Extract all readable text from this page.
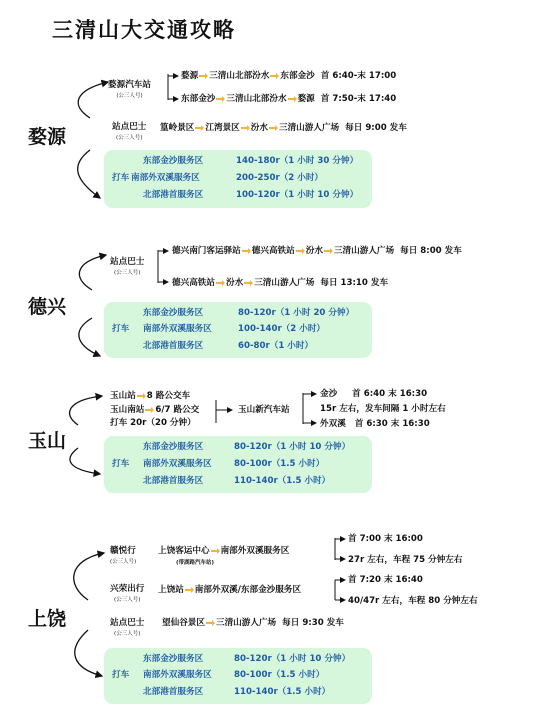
三清山大交通攻略
婺源
婺源汽车站
(公三人号)
婺源 三清山北部汾水 东部金沙 首 6:40-末 17:00
东部金沙 三清山北部汾水 婺源 首 7:50-末 17:40
站点巴士
(公三人号)
篁岭景区 江湾景区 汾水 三清山游人广场 每日 9:00 发车
打车
东部金沙服务区	140-180r（1 小时 30 分钟）
南部外双溪服务区	200-250r（2 小时）
北部港首服务区	100-120r（1 小时 10 分钟）
德兴
站点巴士
(公三人号)
德兴南门客运驿站 德兴高铁站 汾水 三清山游人广场 每日 8:00 发车
德兴高铁站 汾水 三清山游人广场 每日 13:10 发车
打车
东部金沙服务区	80-120r（1 小时 20 分钟）
南部外双溪服务区	100-140r（2 小时）
北部港首服务区	60-80r（1 小时）
玉山
玉山站 8 路公交车
玉山南站 6/7 路公交
打车 20r（20 分钟）
玉山新汽车站
金沙 首 6:40 末 16:30
15r 左右，发车间隔 1 小时左右
外双溪 首 6:30 末 16:30
打车
东部金沙服务区	80-120r（1 小时 10 分钟）
南部外双溪服务区	80-100r（1.5 小时）
北部港首服务区	110-140r（1.5 小时）
上饶
赣悦行
(公三人号)
上饶客运中心 南部外双溪服务区
(带湖路汽车站)
首 7:00 末 16:00
27r 左右，车程 75 分钟左右
兴荣出行
(公三人号)
上饶站 南部外双溪/东部金沙服务区
首 7:20 末 16:40
40/47r 左右，车程 80 分钟左右
站点巴士
(公三人号)
望仙谷景区 三清山游人广场 每日 9:30 发车
打车
东部金沙服务区	80-120r（1 小时 10 分钟）
南部外双溪服务区	80-100r（1.5 小时）
北部港首服务区	110-140r（1.5 小时）
